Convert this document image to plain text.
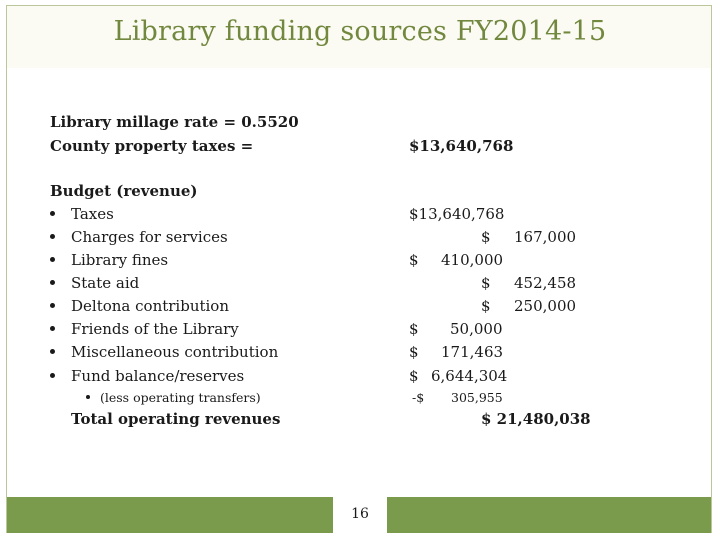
Library funding sources FY2014-15
Library millage rate = 0.5520
County property taxes =	$13,640,768
Budget (revenue)
Taxes	$13,640,768
Charges for services	$ 167,000
Library fines	$ 410,000
State aid	$ 452,458
Deltona contribution	$ 250,000
Friends of the Library	$ 50,000
Miscellaneous contribution	$ 171,463
Fund balance/reserves	$ 6,644,304
(less operating transfers)	-$ 305,955
Total operating revenues	$ 21,480,038
16
